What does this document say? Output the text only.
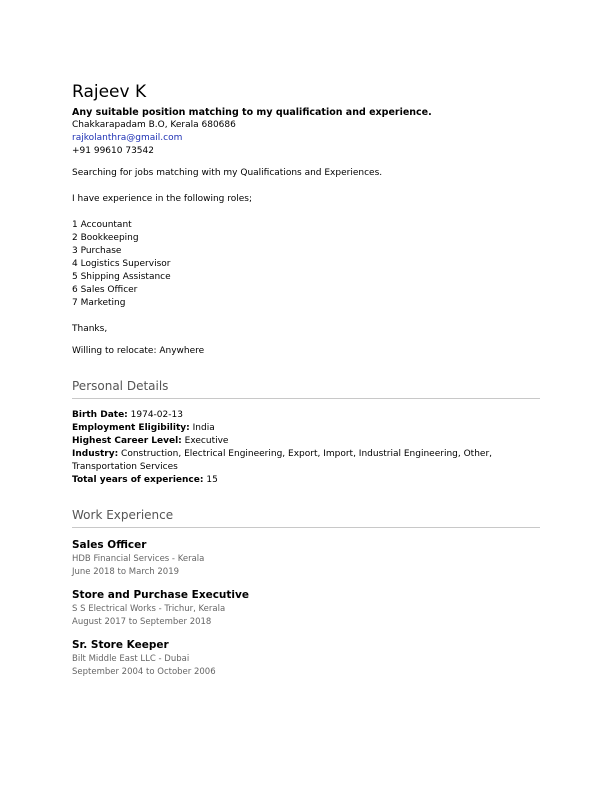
Rajeev K
Any suitable position matching to my qualification and experience.
Chakkarapadam B.O, Kerala 680686
rajkolanthra@gmail.com
+91 99610 73542
Searching for jobs matching with my Qualifications and Experiences.
I have experience in the following roles;
1 Accountant
2 Bookkeeping
3 Purchase
4 Logistics Supervisor
5 Shipping Assistance
6 Sales Officer
7 Marketing
Thanks,
Willing to relocate: Anywhere
Personal Details
Birth Date: 1974-02-13
Employment Eligibility: India
Highest Career Level: Executive
Industry: Construction, Electrical Engineering, Export, Import, Industrial Engineering, Other, Transportation Services
Total years of experience: 15
Work Experience
Sales Officer
HDB Financial Services - Kerala
June 2018 to March 2019
Store and Purchase Executive
S S Electrical Works - Trichur, Kerala
August 2017 to September 2018
Sr. Store Keeper
Bilt Middle East LLC - Dubai
September 2004 to October 2006
